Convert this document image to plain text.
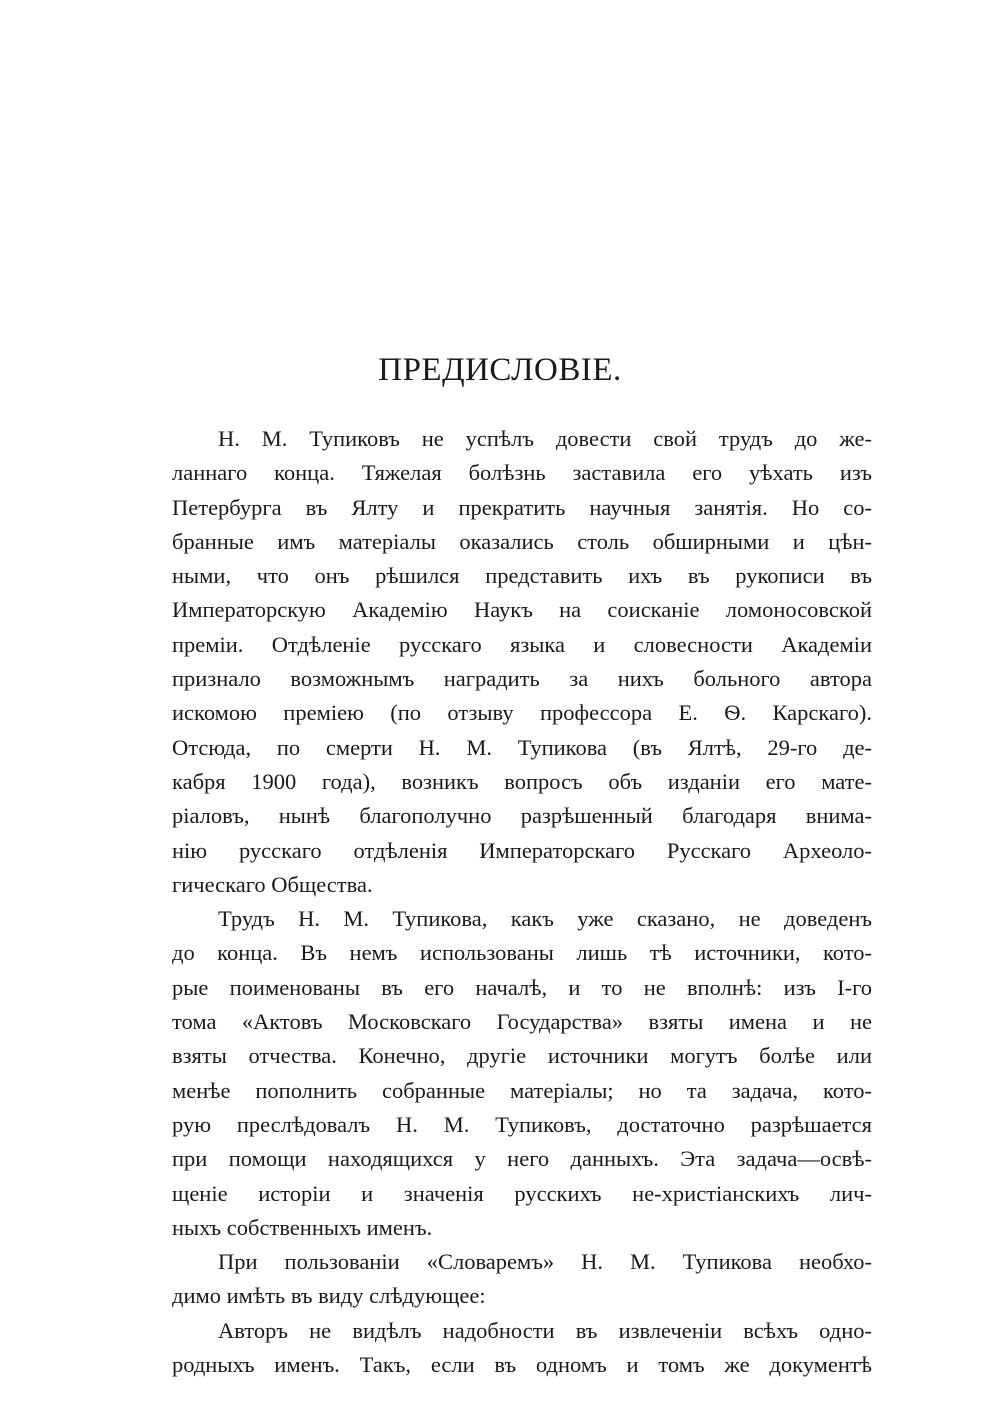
ПРЕДИСЛОВІЕ.
Н. М. Тупиковъ не успѣлъ довести свой трудъ до же-
ланнаго конца. Тяжелая болѣзнь заставила его уѣхать изъ
Петербурга въ Ялту и прекратить научныя занятія. Но со-
бранные имъ матеріалы оказались столь обширными и цѣн-
ными, что онъ рѣшился представить ихъ въ рукописи въ
Императорскую Академію Наукъ на соисканіе ломоносовской
преміи. Отдѣленіе русскаго языка и словесности Академіи
признало возможнымъ наградить за нихъ больного автора
искомою преміею (по отзыву профессора Е. Ѳ. Карскаго).
Отсюда, по смерти Н. М. Тупикова (въ Ялтѣ, 29-го де-
кабря 1900 года), возникъ вопросъ объ изданіи его мате-
ріаловъ, нынѣ благополучно разрѣшенный благодаря внима-
нію русскаго отдѣленія Императорскаго Русскаго Археоло-
гическаго Общества.
Трудъ Н. М. Тупикова, какъ уже сказано, не доведенъ
до конца. Въ немъ использованы лишь тѣ источники, кото-
рые поименованы въ его началѣ, и то не вполнѣ: изъ I-го
тома «Актовъ Московскаго Государства» взяты имена и не
взяты отчества. Конечно, другіе источники могутъ болѣе или
менѣе пополнить собранные матеріалы; но та задача, кото-
рую преслѣдовалъ Н. М. Тупиковъ, достаточно разрѣшается
при помощи находящихся у него данныхъ. Эта задача—освѣ-
щеніе исторіи и значенія русскихъ не-христіанскихъ лич-
ныхъ собственныхъ именъ.
При пользованіи «Словаремъ» Н. М. Тупикова необхо-
димо имѣть въ виду слѣдующее:
Авторъ не видѣлъ надобности въ извлеченіи всѣхъ одно-
родныхъ именъ. Такъ, если въ одномъ и томъ же документѣ
